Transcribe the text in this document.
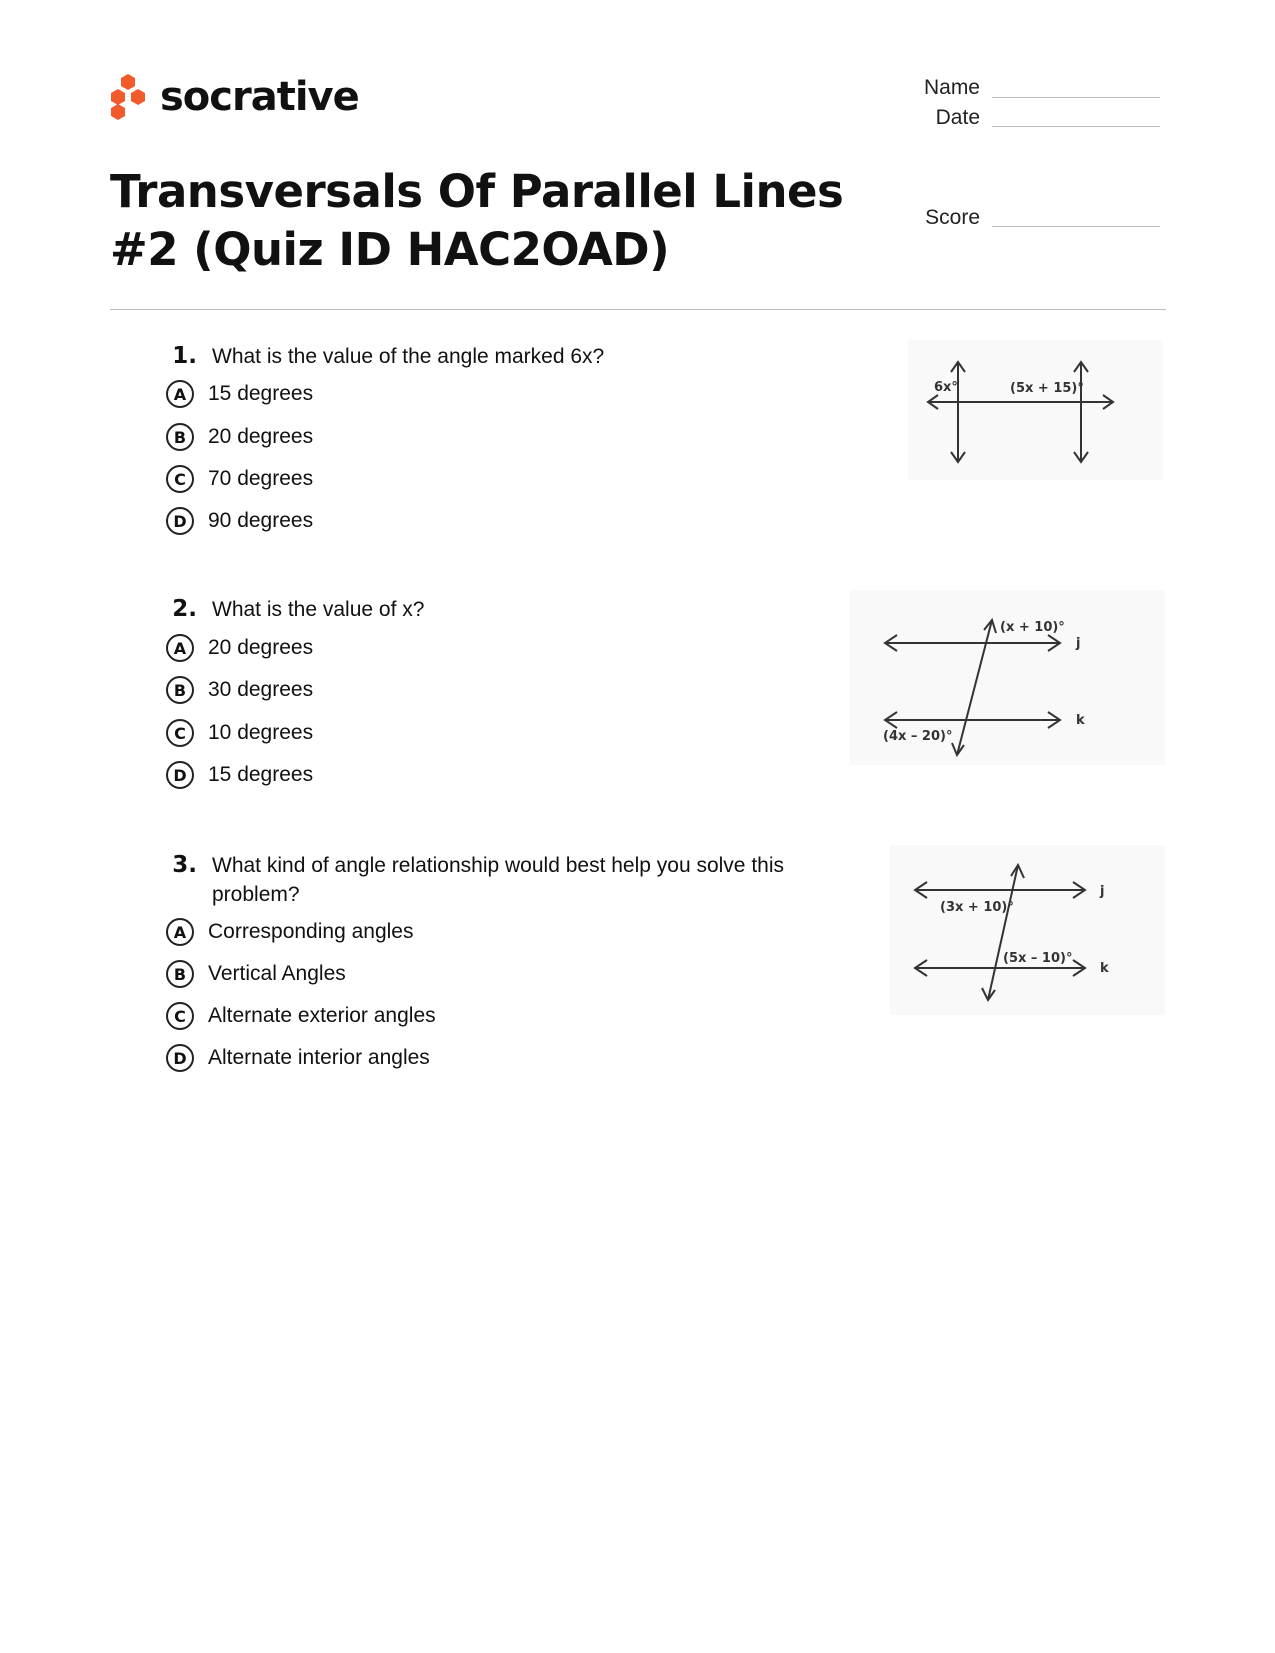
socrative	Name
Date
Score
Transversals Of Parallel Lines #2 (Quiz ID HAC2OAD)
1. What is the value of the angle marked 6x?
A	15 degrees
B	20 degrees
C	70 degrees
D	90 degrees
6x°	(5x + 15)°
2. What is the value of x?
A	20 degrees
B	30 degrees
C	10 degrees
D	15 degrees
(x + 10)°
j
k
(4x – 20)°
3. What kind of angle relationship would best help you solve this problem?
A	Corresponding angles
B	Vertical Angles
C	Alternate exterior angles
D	Alternate interior angles
(3x + 10)°
j
(5x – 10)°
k
